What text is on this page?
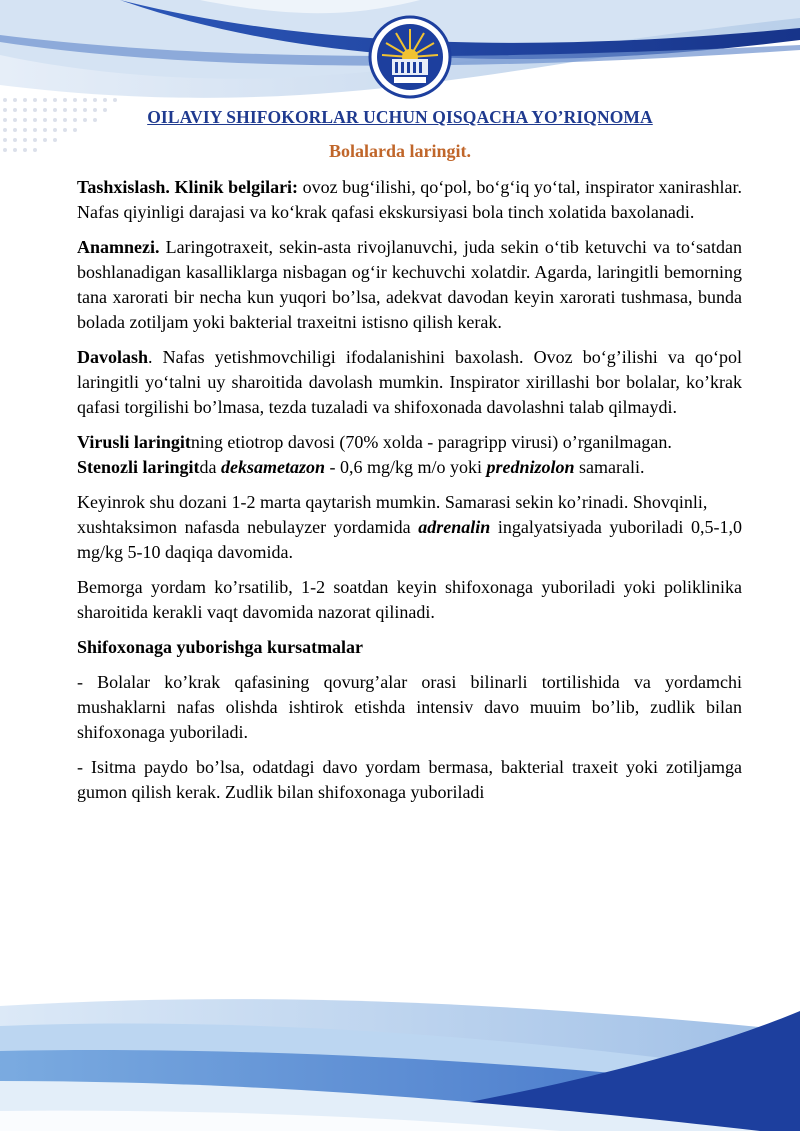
OILAVIY SHIFOKORLAR UCHUN QISQACHA YO’RIQNOMA
Bolalarda laringit.

Tashxislash. Klinik belgilari: ovoz bug‘ilishi, qo‘pol, bo‘g‘iq yo‘tal, inspirator xanirashlar. Nafas qiyinligi darajasi va ko‘krak qafasi ekskursiyasi bola tinch xolatida baxolanadi.

Anamnezi. Laringotraxeit, sekin-asta rivojlanuvchi, juda sekin o‘tib ketuvchi va to‘satdan boshlanadigan kasalliklarga nisbagan og‘ir kechuvchi xolatdir. Agarda, laringitli bemorning tana xarorati bir necha kun yuqori bo’lsa, adekvat davodan keyin xarorati tushmasa, bunda bolada zotiljam yoki bakterial traxeitni istisno qilish kerak.

Davolash. Nafas yetishmovchiligi ifodalanishini baxolash. Ovoz bo‘g’ilishi va qo‘pol laringitli yo‘talni uy sharoitida davolash mumkin. Inspirator xirillashi bor bolalar, ko’krak qafasi torgilishi bo’lmasa, tezda tuzaladi va shifoxonada davolashni talab qilmaydi.

Virusli laringitning etiotrop davosi (70% xolda - paragripp virusi) o’rganilmagan.
Stenozli laringitda deksametazon - 0,6 mg/kg m/o yoki prednizolon samarali.

Keyinrok shu dozani 1-2 marta qaytarish mumkin. Samarasi sekin ko’rinadi. Shovqinli,
xushtaksimon nafasda nebulayzer yordamida adrenalin ingalyatsiyada yuboriladi 0,5-1,0 mg/kg 5-10 daqiqa davomida.

Bemorga yordam ko’rsatilib, 1-2 soatdan keyin shifoxonaga yuboriladi yoki poliklinika sharoitida kerakli vaqt davomida nazorat qilinadi.

Shifoxonaga yuborishga kursatmalar

- Bolalar ko’krak qafasining qovurg’alar orasi bilinarli tortilishida va yordamchi mushaklarni nafas olishda ishtirok etishda intensiv davo muuim bo’lib, zudlik bilan shifoxonaga yuboriladi.

- Isitma paydo bo’lsa, odatdagi davo yordam bermasa, bakterial traxeit yoki zotiljamga gumon qilish kerak. Zudlik bilan shifoxonaga yuboriladi
